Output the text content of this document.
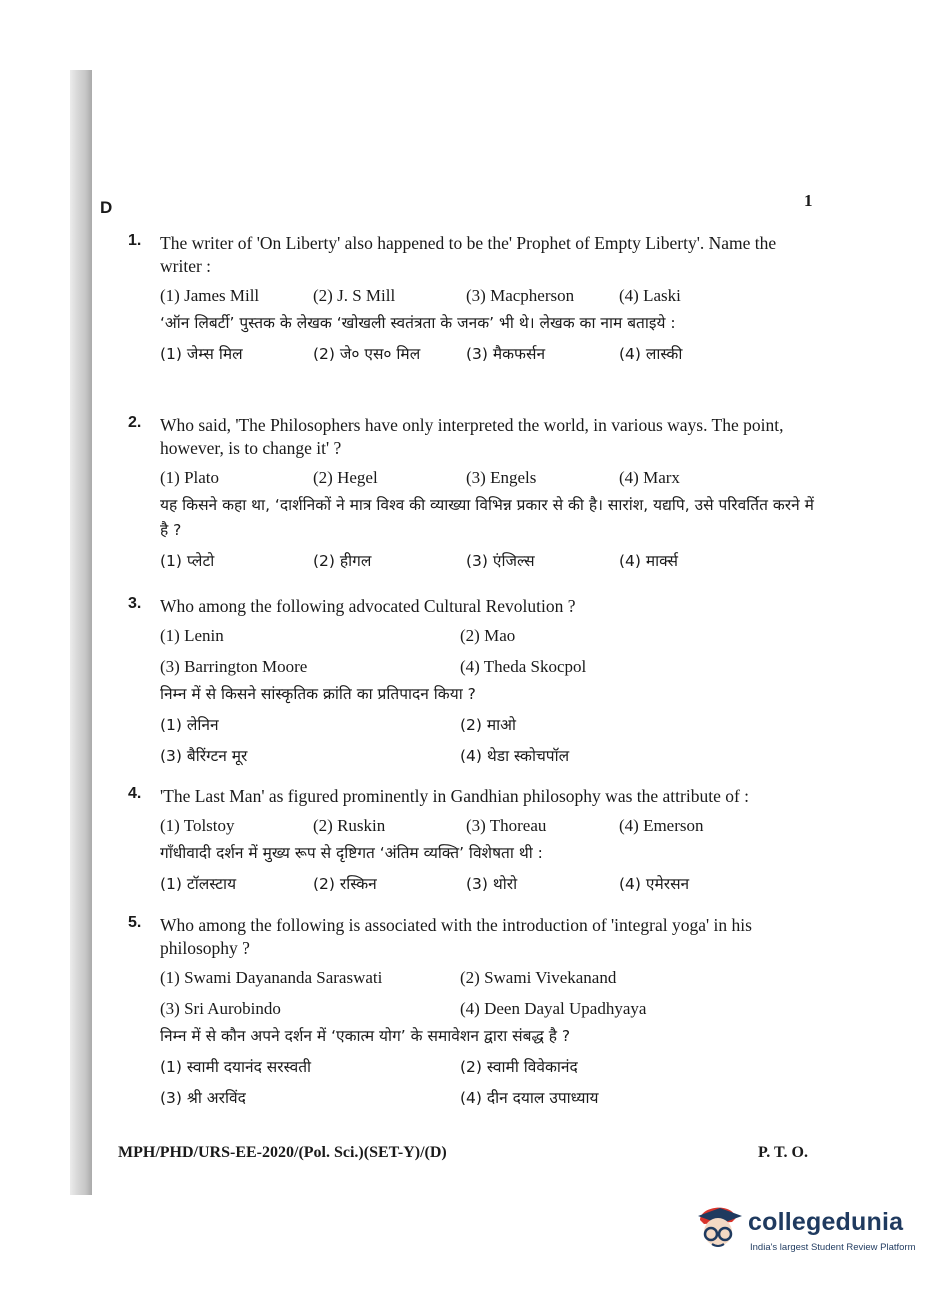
D	1
1.	The writer of 'On Liberty' also happened to be the' Prophet of Empty Liberty'. Name the writer :
(1) James Mill	(2) J. S Mill	(3) Macpherson	(4) Laski
‘ऑन लिबर्टी’ पुस्तक के लेखक ‘खोखली स्वतंत्रता के जनक’ भी थे। लेखक का नाम बताइये :
(1) जेम्स मिल	(2) जे० एस० मिल	(3) मैकफर्सन	(4) लास्की
2.	Who said, 'The Philosophers have only interpreted the world, in various ways. The point, however, is to change it' ?
(1) Plato	(2) Hegel	(3) Engels	(4) Marx
यह किसने कहा था, ‘दार्शनिकों ने मात्र विश्व की व्याख्या विभिन्न प्रकार से की है। सारांश, यद्यपि, उसे परिवर्तित करने में है ?
(1) प्लेटो	(2) हीगल	(3) एंजिल्स	(4) मार्क्स
3.	Who among the following advocated Cultural Revolution ?
(1) Lenin	(2) Mao
(3) Barrington Moore	(4) Theda Skocpol
निम्न में से किसने सांस्कृतिक क्रांति का प्रतिपादन किया ?
(1) लेनिन	(2) माओ
(3) बैरिंग्टन मूर	(4) थेडा स्कोचपॉल
4.	'The Last Man' as figured prominently in Gandhian philosophy was the attribute of :
(1) Tolstoy	(2) Ruskin	(3) Thoreau	(4) Emerson
गाँधीवादी दर्शन में मुख्य रूप से दृष्टिगत ‘अंतिम व्यक्ति’ विशेषता थी :
(1) टॉलस्टाय	(2) रस्किन	(3) थोरो	(4) एमेरसन
5.	Who among the following is associated with the introduction of 'integral yoga' in his philosophy ?
(1) Swami Dayananda Saraswati	(2) Swami Vivekanand
(3) Sri Aurobindo	(4) Deen Dayal Upadhyaya
निम्न में से कौन अपने दर्शन में ‘एकात्म योग’ के समावेशन द्वारा संबद्ध है ?
(1) स्वामी दयानंद सरस्वती	(2) स्वामी विवेकानंद
(3) श्री अरविंद	(4) दीन दयाल उपाध्याय
MPH/PHD/URS-EE-2020/(Pol. Sci.)(SET-Y)/(D)	P. T. O.
collegedunia
India's largest Student Review Platform
